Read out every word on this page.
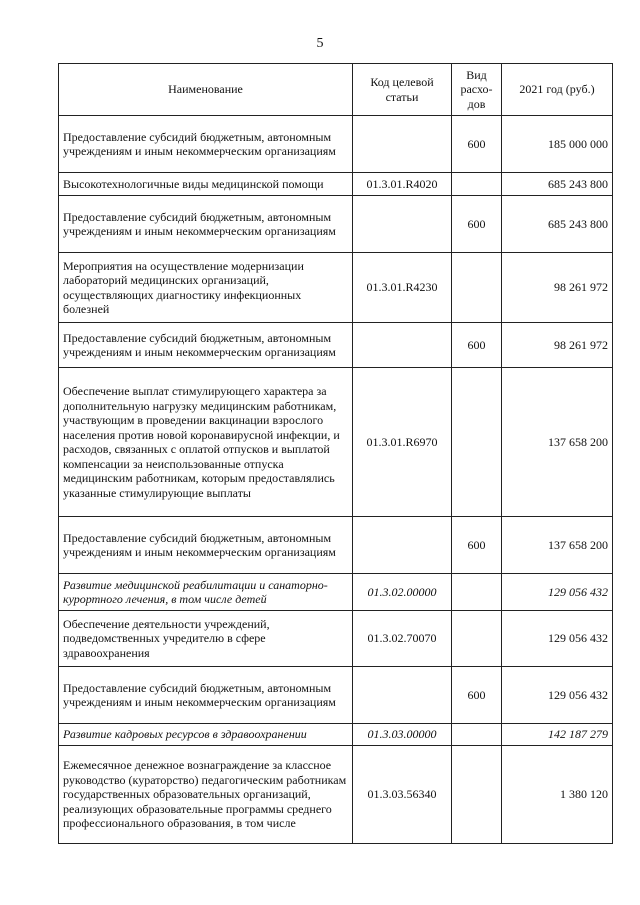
5
Наименование	Код целевой статьи	Вид расхо-дов	2021 год (руб.)
Предоставление субсидий бюджетным, автономным учреждениям и иным некоммерческим организациям		600	185 000 000
Высокотехнологичные виды медицинской помощи	01.3.01.R4020		685 243 800
Предоставление субсидий бюджетным, автономным учреждениям и иным некоммерческим организациям		600	685 243 800
Мероприятия на осуществление модернизации лабораторий медицинских организаций, осуществляющих диагностику инфекционных болезней	01.3.01.R4230		98 261 972
Предоставление субсидий бюджетным, автономным учреждениям и иным некоммерческим организациям		600	98 261 972
Обеспечение выплат стимулирующего характера за дополнительную нагрузку медицинским работникам, участвующим в проведении вакцинации взрослого населения против новой коронавирусной инфекции, и расходов, связанных с оплатой отпусков и выплатой компенсации за неиспользованные отпуска медицинским работникам, которым предоставлялись указанные стимулирующие выплаты	01.3.01.R6970		137 658 200
Предоставление субсидий бюджетным, автономным учреждениям и иным некоммерческим организациям		600	137 658 200
Развитие медицинской реабилитации и санаторно-курортного лечения, в том числе детей	01.3.02.00000		129 056 432
Обеспечение деятельности учреждений, подведомственных учредителю в сфере здравоохранения	01.3.02.70070		129 056 432
Предоставление субсидий бюджетным, автономным учреждениям и иным некоммерческим организациям		600	129 056 432
Развитие кадровых ресурсов в здравоохранении	01.3.03.00000		142 187 279
Ежемесячное денежное вознаграждение за классное руководство (кураторство) педагогическим работникам государственных образовательных организаций, реализующих образовательные программы среднего профессионального образования, в том числе	01.3.03.56340		1 380 120
